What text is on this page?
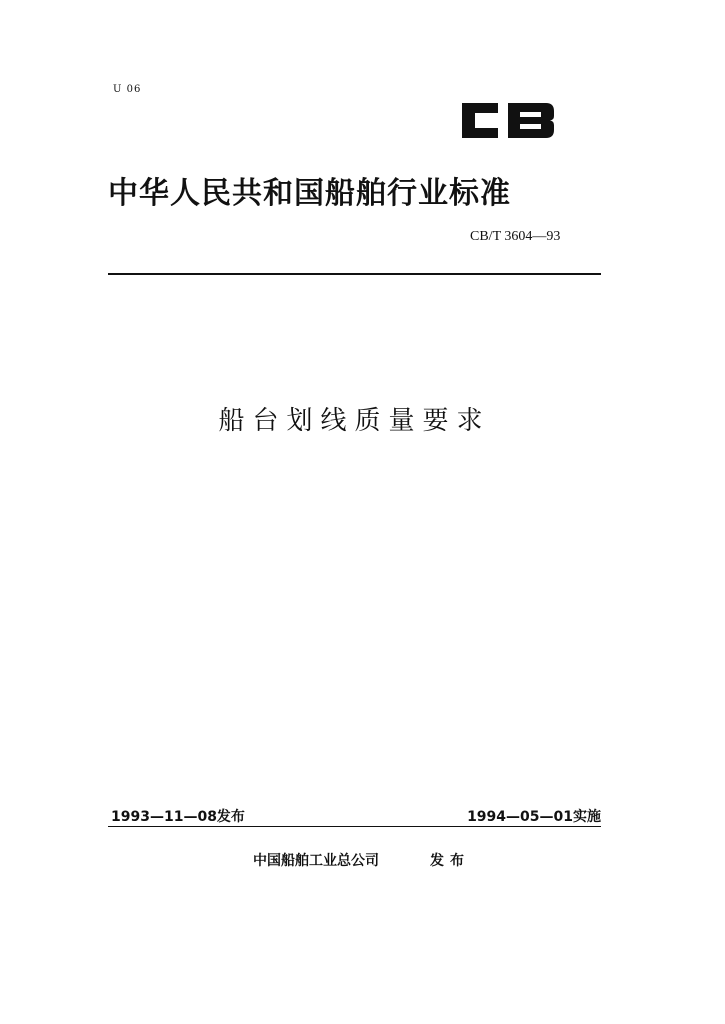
U 06
中华人民共和国船舶行业标准
CB/T 3604—93
船台划线质量要求
1993—11—08发布	1994—05—01实施
中国船舶工业总公司	发布
